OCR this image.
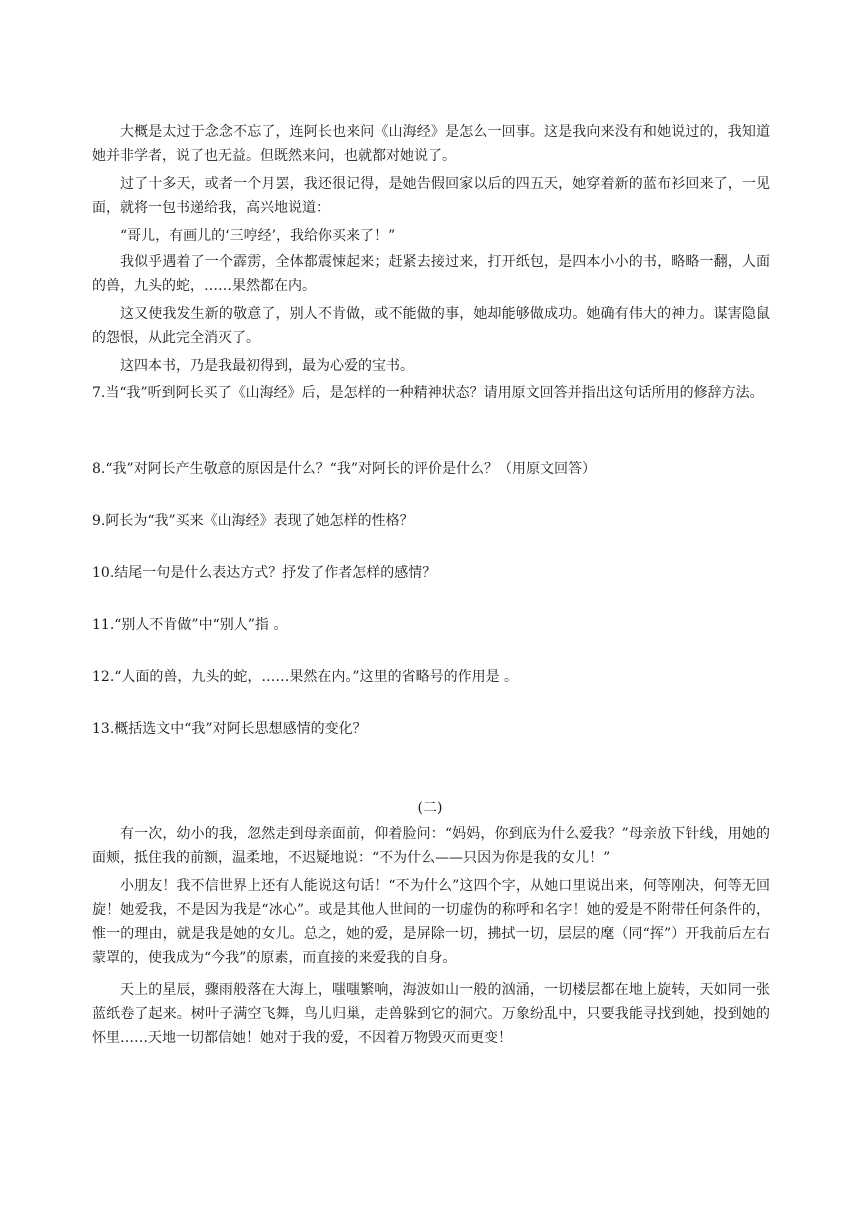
大概是太过于念念不忘了，连阿长也来问《山海经》是怎么一回事。这是我向来没有和她说过的，我知道她并非学者，说了也无益。但既然来问，也就都对她说了。

过了十多天，或者一个月罢，我还很记得，是她告假回家以后的四五天，她穿着新的蓝布衫回来了，一见面，就将一包书递给我，高兴地说道：

“哥儿，有画儿的‘三哼经’，我给你买来了！”

我似乎遇着了一个霹雳，全体都震悚起来；赶紧去接过来，打开纸包，是四本小小的书，略略一翻，人面的兽，九头的蛇，……果然都在内。

这又使我发生新的敬意了，别人不肯做，或不能做的事，她却能够做成功。她确有伟大的神力。谋害隐鼠的怨恨，从此完全消灭了。

这四本书，乃是我最初得到，最为心爱的宝书。

7.当“我”听到阿长买了《山海经》后，是怎样的一种精神状态？请用原文回答并指出这句话所用的修辞方法。

8.“我”对阿长产生敬意的原因是什么？“我”对阿长的评价是什么？（用原文回答）

9.阿长为“我”买来《山海经》表现了她怎样的性格？

10.结尾一句是什么表达方式？抒发了作者怎样的感情？

11.“别人不肯做”中“别人”指 。

12.“人面的兽，九头的蛇，……果然在内。”这里的省略号的作用是 。

13.概括选文中“我”对阿长思想感情的变化？

(二)

有一次，幼小的我，忽然走到母亲面前，仰着脸问：“妈妈，你到底为什么爱我？”母亲放下针线，用她的面颊，抵住我的前额，温柔地，不迟疑地说：“不为什么——只因为你是我的女儿！”

小朋友！我不信世界上还有人能说这句话！“不为什么”这四个字，从她口里说出来，何等刚决，何等无回旋！她爱我，不是因为我是“冰心”。或是其他人世间的一切虚伪的称呼和名字！她的爱是不附带任何条件的，惟一的理由，就是我是她的女儿。总之，她的爱，是屏除一切，拂拭一切，层层的麾（同“挥”）开我前后左右蒙罩的，使我成为“今我”的原素，而直接的来爱我的自身。

天上的星辰，骤雨般落在大海上，嗤嗤繁响，海波如山一般的汹涌，一切楼层都在地上旋转，天如同一张蓝纸卷了起来。树叶子满空飞舞，鸟儿归巢，走兽躲到它的洞穴。万象纷乱中，只要我能寻找到她，投到她的怀里……天地一切都信她！她对于我的爱，不因着万物毁灭而更变！
